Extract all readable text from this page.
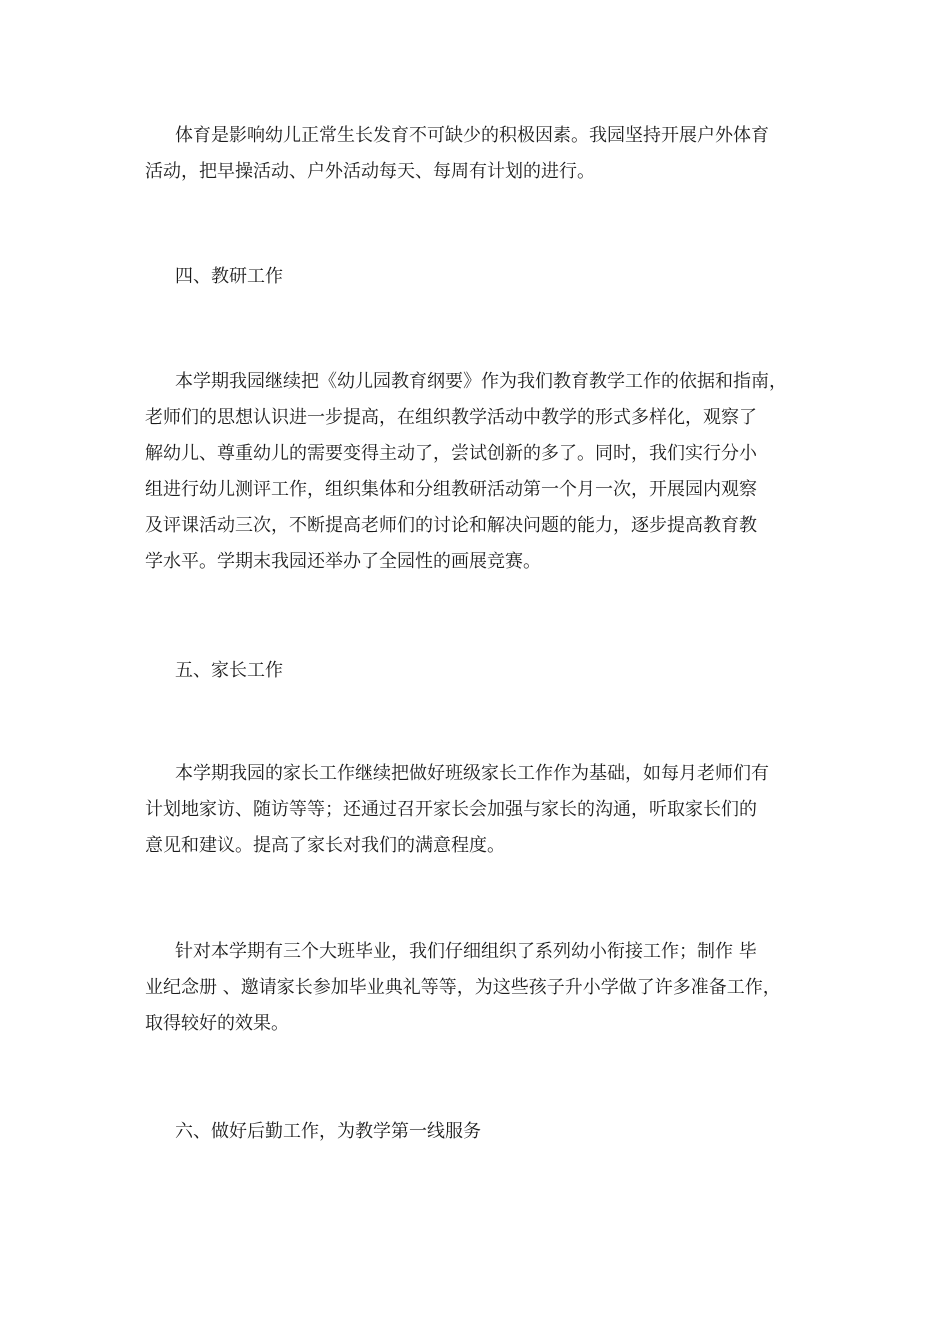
体育是影响幼儿正常生长发育不可缺少的积极因素。我园坚持开展户外体育
活动，把早操活动、户外活动每天、每周有计划的进行。
四、教研工作
本学期我园继续把《幼儿园教育纲要》作为我们教育教学工作的依据和指南，
老师们的思想认识进一步提高，在组织教学活动中教学的形式多样化，观察了
解幼儿、尊重幼儿的需要变得主动了，尝试创新的多了。同时，我们实行分小
组进行幼儿测评工作，组织集体和分组教研活动第一个月一次，开展园内观察
及评课活动三次，不断提高老师们的讨论和解决问题的能力，逐步提高教育教
学水平。学期末我园还举办了全园性的画展竞赛。
五、家长工作
本学期我园的家长工作继续把做好班级家长工作作为基础，如每月老师们有
计划地家访、随访等等；还通过召开家长会加强与家长的沟通，听取家长们的
意见和建议。提高了家长对我们的满意程度。
针对本学期有三个大班毕业，我们仔细组织了系列幼小衔接工作；制作 毕
业纪念册 、邀请家长参加毕业典礼等等，为这些孩子升小学做了许多准备工作，
取得较好的效果。
六、做好后勤工作，为教学第一线服务
